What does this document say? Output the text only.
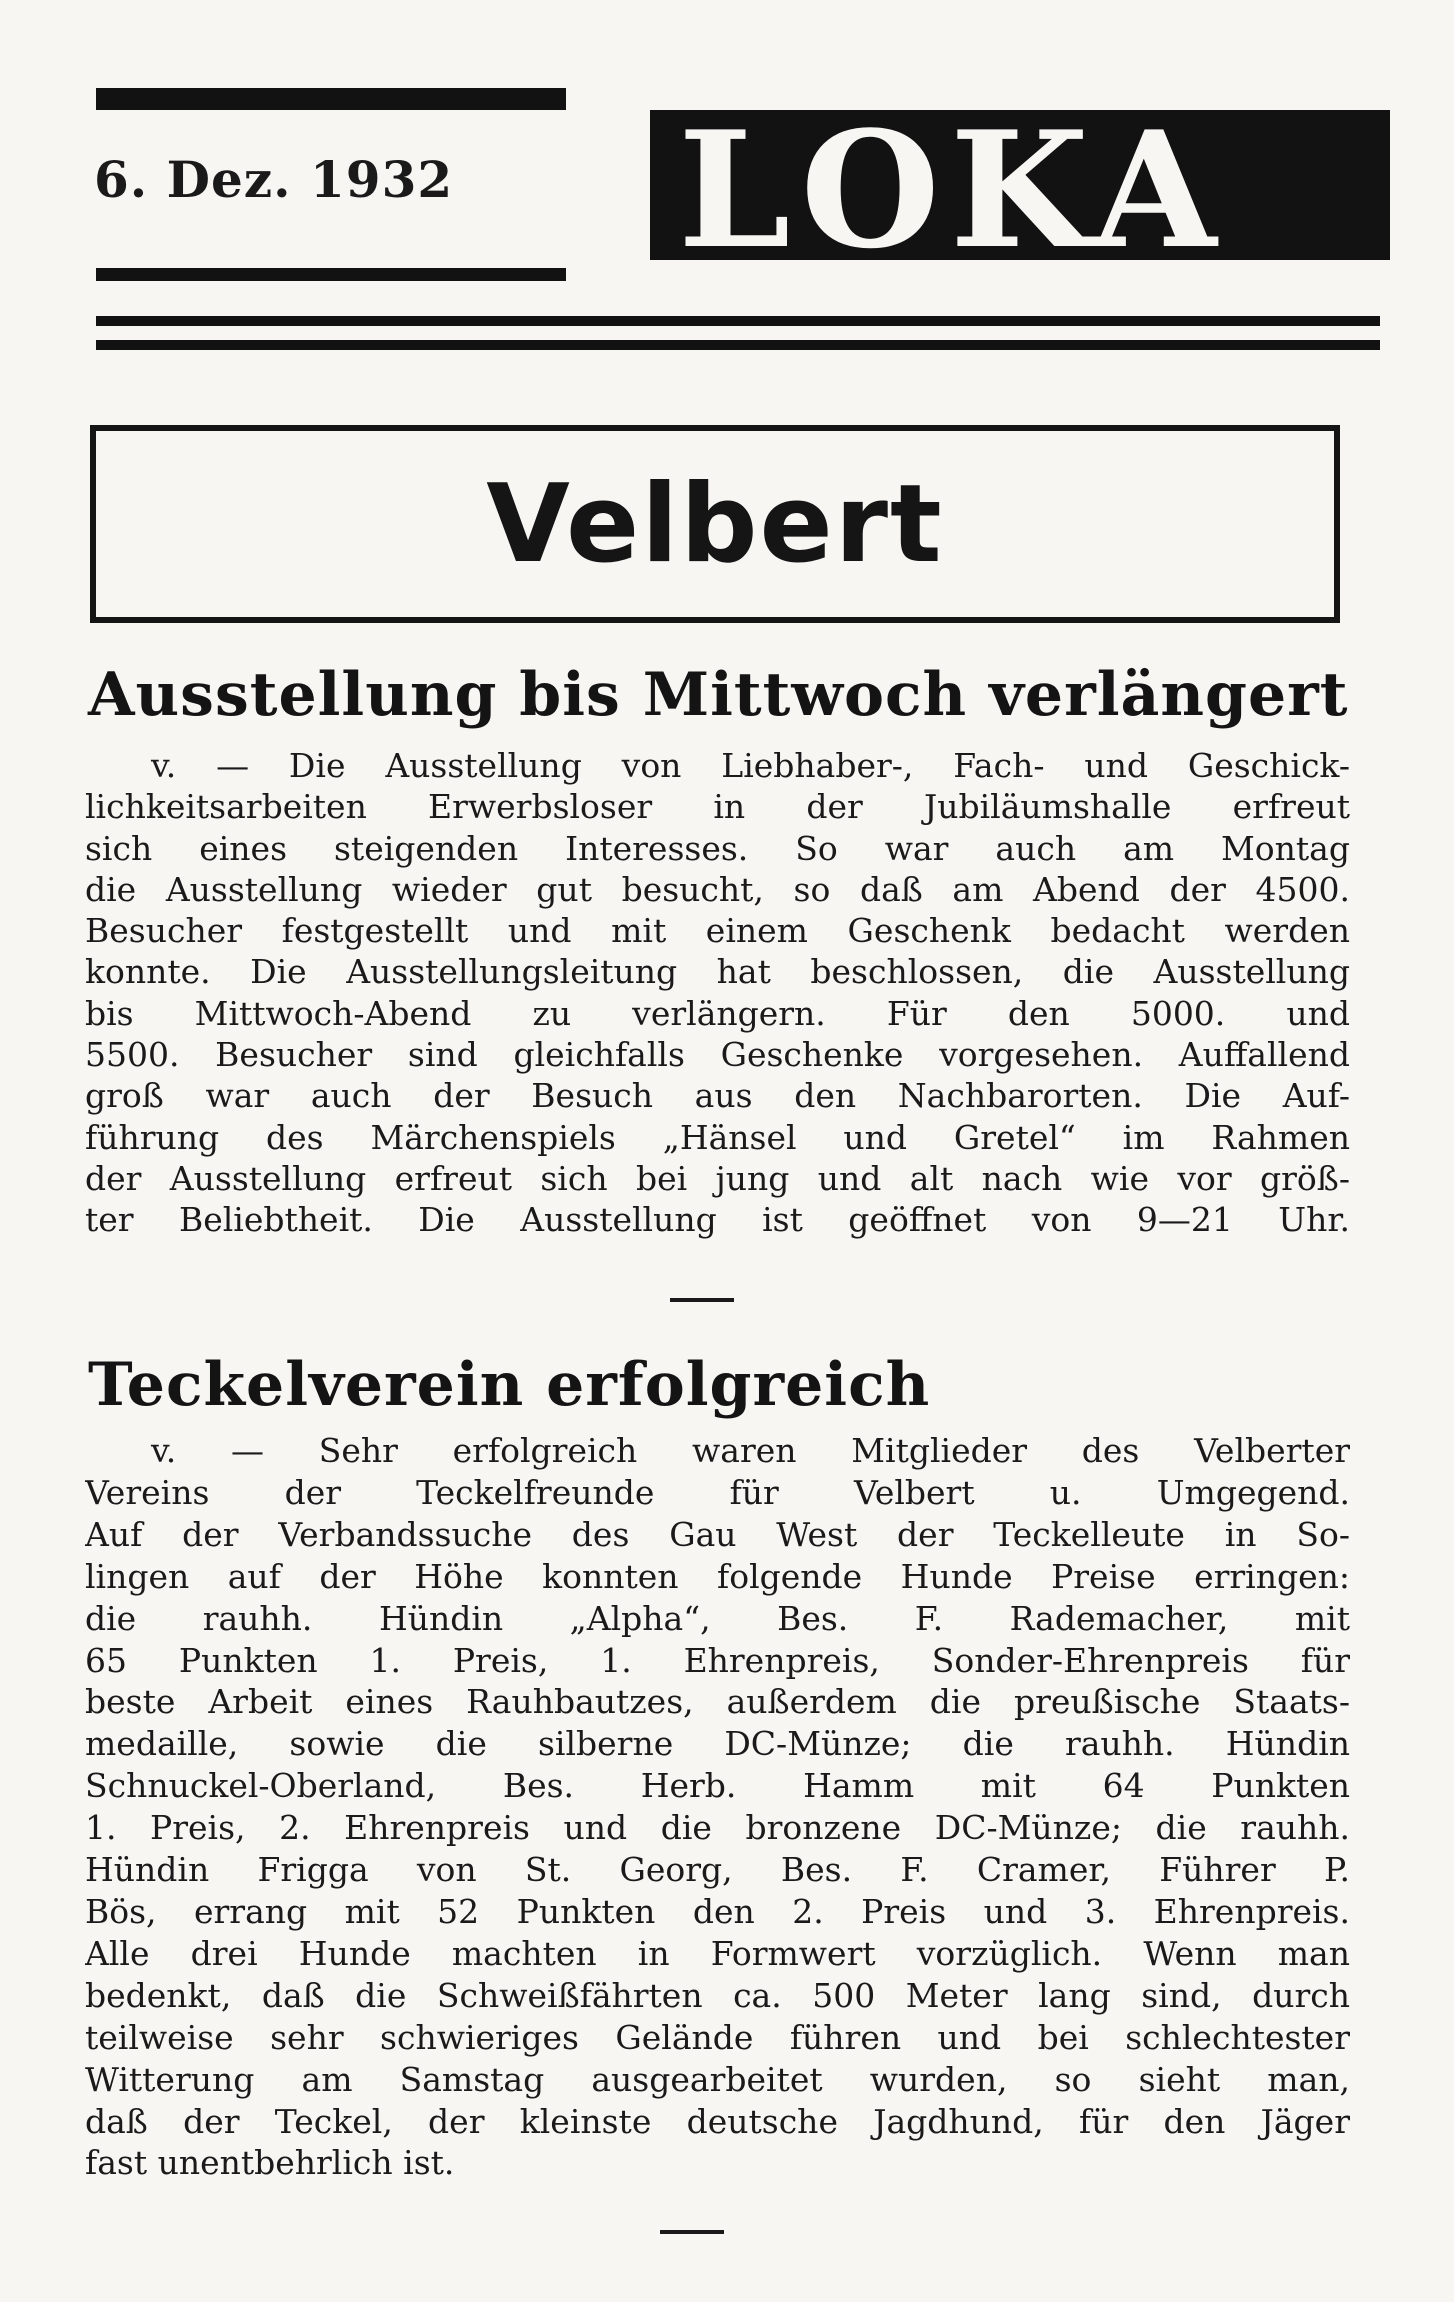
6. Dez. 1932 LOKA
Velbert
Ausstellung bis Mittwoch verlängert
v. — Die Ausstellung von Liebhaber-, Fach- und Geschick-
lichkeitsarbeiten Erwerbsloser in der Jubiläumshalle erfreut
sich eines steigenden Interesses. So war auch am Montag
die Ausstellung wieder gut besucht, so daß am Abend der 4500.
Besucher festgestellt und mit einem Geschenk bedacht werden
konnte. Die Ausstellungsleitung hat beschlossen, die Ausstellung
bis Mittwoch-Abend zu verlängern. Für den 5000. und
5500. Besucher sind gleichfalls Geschenke vorgesehen. Auffallend
groß war auch der Besuch aus den Nachbarorten. Die Auf-
führung des Märchenspiels „Hänsel und Gretel“ im Rahmen
der Ausstellung erfreut sich bei jung und alt nach wie vor größ-
ter Beliebtheit. Die Ausstellung ist geöffnet von 9—21 Uhr.
Teckelverein erfolgreich
v. — Sehr erfolgreich waren Mitglieder des Velberter
Vereins der Teckelfreunde für Velbert u. Umgegend.
Auf der Verbandssuche des Gau West der Teckelleute in So-
lingen auf der Höhe konnten folgende Hunde Preise erringen:
die rauhh. Hündin „Alpha“, Bes. F. Rademacher, mit
65 Punkten 1. Preis, 1. Ehrenpreis, Sonder-Ehrenpreis für
beste Arbeit eines Rauhbautzes, außerdem die preußische Staats-
medaille, sowie die silberne DC-Münze; die rauhh. Hündin
Schnuckel-Oberland, Bes. Herb. Hamm mit 64 Punkten
1. Preis, 2. Ehrenpreis und die bronzene DC-Münze; die rauhh.
Hündin Frigga von St. Georg, Bes. F. Cramer, Führer P.
Bös, errang mit 52 Punkten den 2. Preis und 3. Ehrenpreis.
Alle drei Hunde machten in Formwert vorzüglich. Wenn man
bedenkt, daß die Schweißfährten ca. 500 Meter lang sind, durch
teilweise sehr schwieriges Gelände führen und bei schlechtester
Witterung am Samstag ausgearbeitet wurden, so sieht man,
daß der Teckel, der kleinste deutsche Jagdhund, für den Jäger
fast unentbehrlich ist.
